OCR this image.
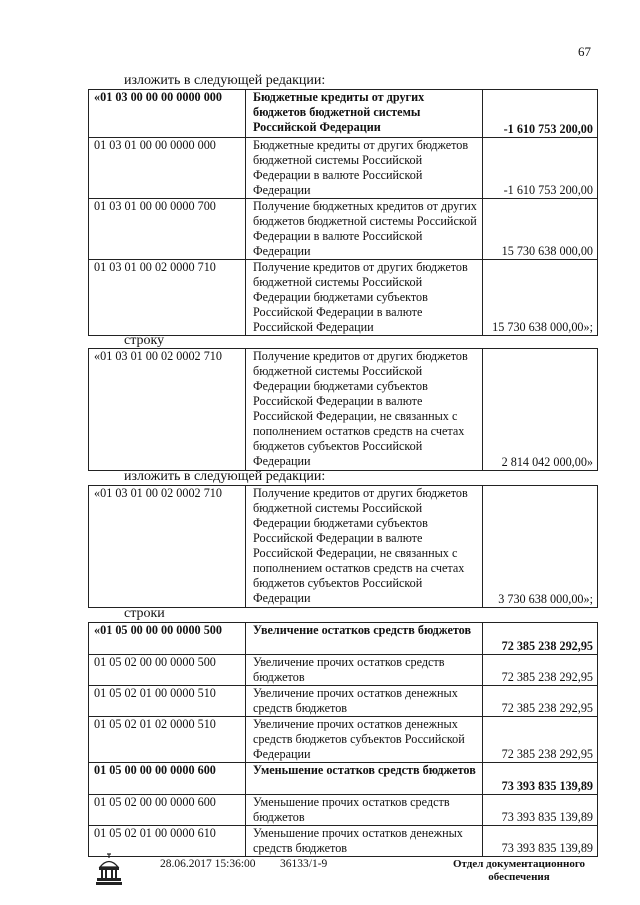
67
изложить в следующей редакции:
«01 03 00 00 00 0000 000	Бюджетные кредиты от других бюджетов бюджетной системы Российской Федерации	-1 610 753 200,00
01 03 01 00 00 0000 000	Бюджетные кредиты от других бюджетов бюджетной системы Российской Федерации в валюте Российской Федерации	-1 610 753 200,00
01 03 01 00 00 0000 700	Получение бюджетных кредитов от других бюджетов бюджетной системы Российской Федерации в валюте Российской Федерации	15 730 638 000,00
01 03 01 00 02 0000 710	Получение кредитов от других бюджетов бюджетной системы Российской Федерации бюджетами субъектов Российской Федерации в валюте Российской Федерации	15 730 638 000,00»;
строку
«01 03 01 00 02 0002 710	Получение кредитов от других бюджетов бюджетной системы Российской Федерации бюджетами субъектов Российской Федерации в валюте Российской Федерации, не связанных с пополнением остатков средств на счетах бюджетов субъектов Российской Федерации	2 814 042 000,00»
изложить в следующей редакции:
«01 03 01 00 02 0002 710	Получение кредитов от других бюджетов бюджетной системы Российской Федерации бюджетами субъектов Российской Федерации в валюте Российской Федерации, не связанных с пополнением остатков средств на счетах бюджетов субъектов Российской Федерации	3 730 638 000,00»;
строки
«01 05 00 00 00 0000 500	Увеличение остатков средств бюджетов	72 385 238 292,95
01 05 02 00 00 0000 500	Увеличение прочих остатков средств бюджетов	72 385 238 292,95
01 05 02 01 00 0000 510	Увеличение прочих остатков денежных средств бюджетов	72 385 238 292,95
01 05 02 01 02 0000 510	Увеличение прочих остатков денежных средств бюджетов субъектов Российской Федерации	72 385 238 292,95
01 05 00 00 00 0000 600	Уменьшение остатков средств бюджетов	73 393 835 139,89
01 05 02 00 00 0000 600	Уменьшение прочих остатков средств бюджетов	73 393 835 139,89
01 05 02 01 00 0000 610	Уменьшение прочих остатков денежных средств бюджетов	73 393 835 139,89
28.06.2017 15:36:00 36133/1-9	Отдел документационного обеспечения
